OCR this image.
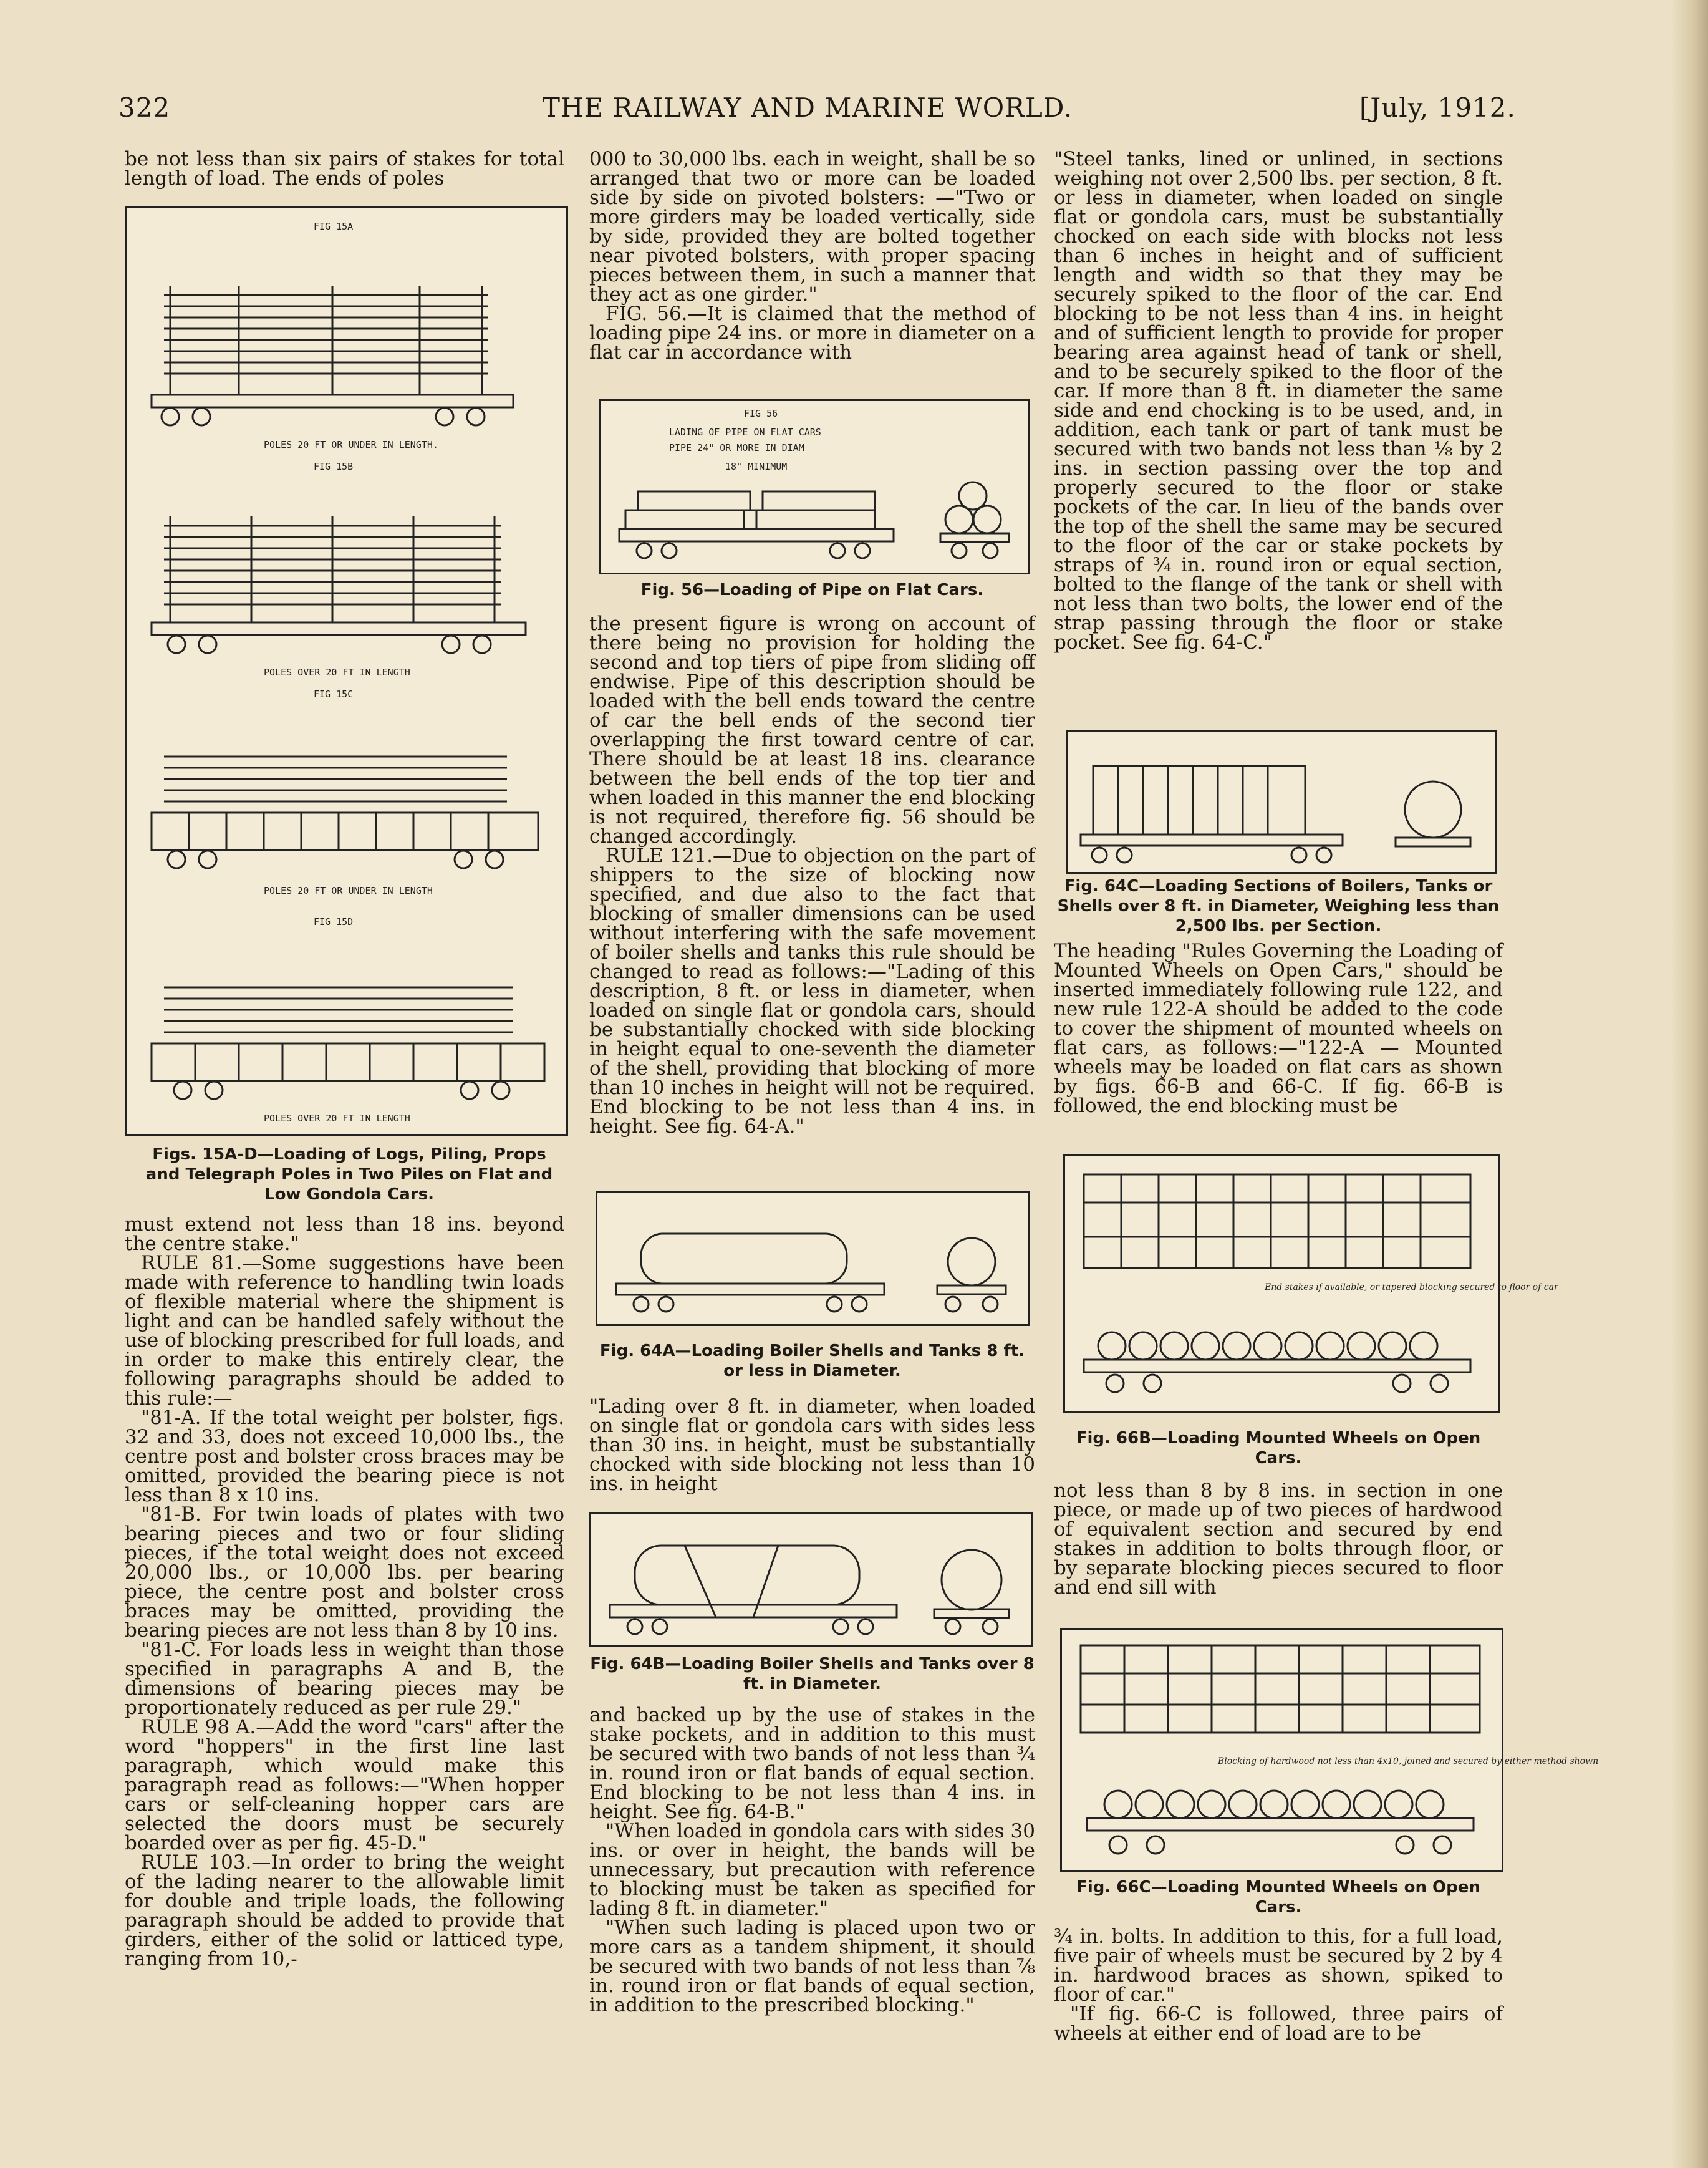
322	THE RAILWAY AND MARINE WORLD.	[July, 1912.

be not less than six pairs of stakes for total length of load. The ends of poles

FIG 15A
POLES 20 FT OR UNDER IN LENGTH.
FIG 15B
POLES OVER 20 FT IN LENGTH
FIG 15C
POLES 20 FT OR UNDER IN LENGTH
FIG 15D
POLES OVER 20 FT IN LENGTH
Figs. 15A-D—Loading of Logs, Piling, Props and Telegraph Poles in Two Piles on Flat and Low Gondola Cars.

must extend not less than 18 ins. beyond the centre stake."

RULE 81.—Some suggestions have been made with reference to handling twin loads of flexible material where the shipment is light and can be handled safely without the use of blocking prescribed for full loads, and in order to make this entirely clear, the following paragraphs should be added to this rule:—

"81-A. If the total weight per bolster, figs. 32 and 33, does not exceed 10,000 lbs., the centre post and bolster cross braces may be omitted, provided the bearing piece is not less than 8 x 10 ins.

"81-B. For twin loads of plates with two bearing pieces and two or four sliding pieces, if the total weight does not exceed 20,000 lbs., or 10,000 lbs. per bearing piece, the centre post and bolster cross braces may be omitted, providing the bearing pieces are not less than 8 by 10 ins.

"81-C. For loads less in weight than those specified in paragraphs A and B, the dimensions of bearing pieces may be proportionately reduced as per rule 29."

RULE 98 A.—Add the word "cars" after the word "hoppers" in the first line last paragraph, which would make this paragraph read as follows:—"When hopper cars or self-cleaning hopper cars are selected the doors must be securely boarded over as per fig. 45-D."

RULE 103.—In order to bring the weight of the lading nearer to the allowable limit for double and triple loads, the following paragraph should be added to provide that girders, either of the solid or latticed type, ranging from 10,-

000 to 30,000 lbs. each in weight, shall be so arranged that two or more can be loaded side by side on pivoted bolsters: —"Two or more girders may be loaded vertically, side by side, provided they are bolted together near pivoted bolsters, with proper spacing pieces between them, in such a manner that they act as one girder."

FIG. 56.—It is claimed that the method of loading pipe 24 ins. or more in diameter on a flat car in accordance with

FIG 56
LADING OF PIPE ON FLAT CARS
PIPE 24" OR MORE IN DIAM
18" MINIMUM
Fig. 56—Loading of Pipe on Flat Cars.

the present figure is wrong on account of there being no provision for holding the second and top tiers of pipe from sliding off endwise. Pipe of this description should be loaded with the bell ends toward the centre of car the bell ends of the second tier overlapping the first toward centre of car. There should be at least 18 ins. clearance between the bell ends of the top tier and when loaded in this manner the end blocking is not required, therefore fig. 56 should be changed accordingly.

RULE 121.—Due to objection on the part of shippers to the size of blocking now specified, and due also to the fact that blocking of smaller dimensions can be used without interfering with the safe movement of boiler shells and tanks this rule should be changed to read as follows:—"Lading of this description, 8 ft. or less in diameter, when loaded on single flat or gondola cars, should be substantially chocked with side blocking in height equal to one-seventh the diameter of the shell, providing that blocking of more than 10 inches in height will not be required. End blocking to be not less than 4 ins. in height. See fig. 64-A."

Fig. 64A—Loading Boiler Shells and Tanks 8 ft. or less in Diameter.

"Lading over 8 ft. in diameter, when loaded on single flat or gondola cars with sides less than 30 ins. in height, must be substantially chocked with side blocking not less than 10 ins. in height

Fig. 64B—Loading Boiler Shells and Tanks over 8 ft. in Diameter.

and backed up by the use of stakes in the stake pockets, and in addition to this must be secured with two bands of not less than ¾ in. round iron or flat bands of equal section. End blocking to be not less than 4 ins. in height. See fig. 64-B."

"When loaded in gondola cars with sides 30 ins. or over in height, the bands will be unnecessary, but precaution with reference to blocking must be taken as specified for lading 8 ft. in diameter."

"When such lading is placed upon two or more cars as a tandem shipment, it should be secured with two bands of not less than ⅞ in. round iron or flat bands of equal section, in addition to the prescribed blocking."

"Steel tanks, lined or unlined, in sections weighing not over 2,500 lbs. per section, 8 ft. or less in diameter, when loaded on single flat or gondola cars, must be substantially chocked on each side with blocks not less than 6 inches in height and of sufficient length and width so that they may be securely spiked to the floor of the car. End blocking to be not less than 4 ins. in height and of sufficient length to provide for proper bearing area against head of tank or shell, and to be securely spiked to the floor of the car. If more than 8 ft. in diameter the same side and end chocking is to be used, and, in addition, each tank or part of tank must be secured with two bands not less than ⅛ by 2 ins. in section passing over the top and properly secured to the floor or stake pockets of the car. In lieu of the bands over the top of the shell the same may be secured to the floor of the car or stake pockets by straps of ¾ in. round iron or equal section, bolted to the flange of the tank or shell with not less than two bolts, the lower end of the strap passing through the floor or stake pocket. See fig. 64-C."

Fig. 64C—Loading Sections of Boilers, Tanks or Shells over 8 ft. in Diameter, Weighing less than 2,500 lbs. per Section.

The heading "Rules Governing the Loading of Mounted Wheels on Open Cars," should be inserted immediately following rule 122, and new rule 122-A should be added to the code to cover the shipment of mounted wheels on flat cars, as follows:—"122-A — Mounted wheels may be loaded on flat cars as shown by figs. 66-B and 66-C. If fig. 66-B is followed, the end blocking must be

End stakes if available, or tapered blocking secured to floor of car
Fig. 66B—Loading Mounted Wheels on Open Cars.

not less than 8 by 8 ins. in section in one piece, or made up of two pieces of hardwood of equivalent section and secured by end stakes in addition to bolts through floor, or by separate blocking pieces secured to floor and end sill with

Blocking of hardwood not less than 4x10, joined and secured by either method shown
Fig. 66C—Loading Mounted Wheels on Open Cars.

¾ in. bolts. In addition to this, for a full load, five pair of wheels must be secured by 2 by 4 in. hardwood braces as shown, spiked to floor of car."

"If fig. 66-C is followed, three pairs of wheels at either end of load are to be
